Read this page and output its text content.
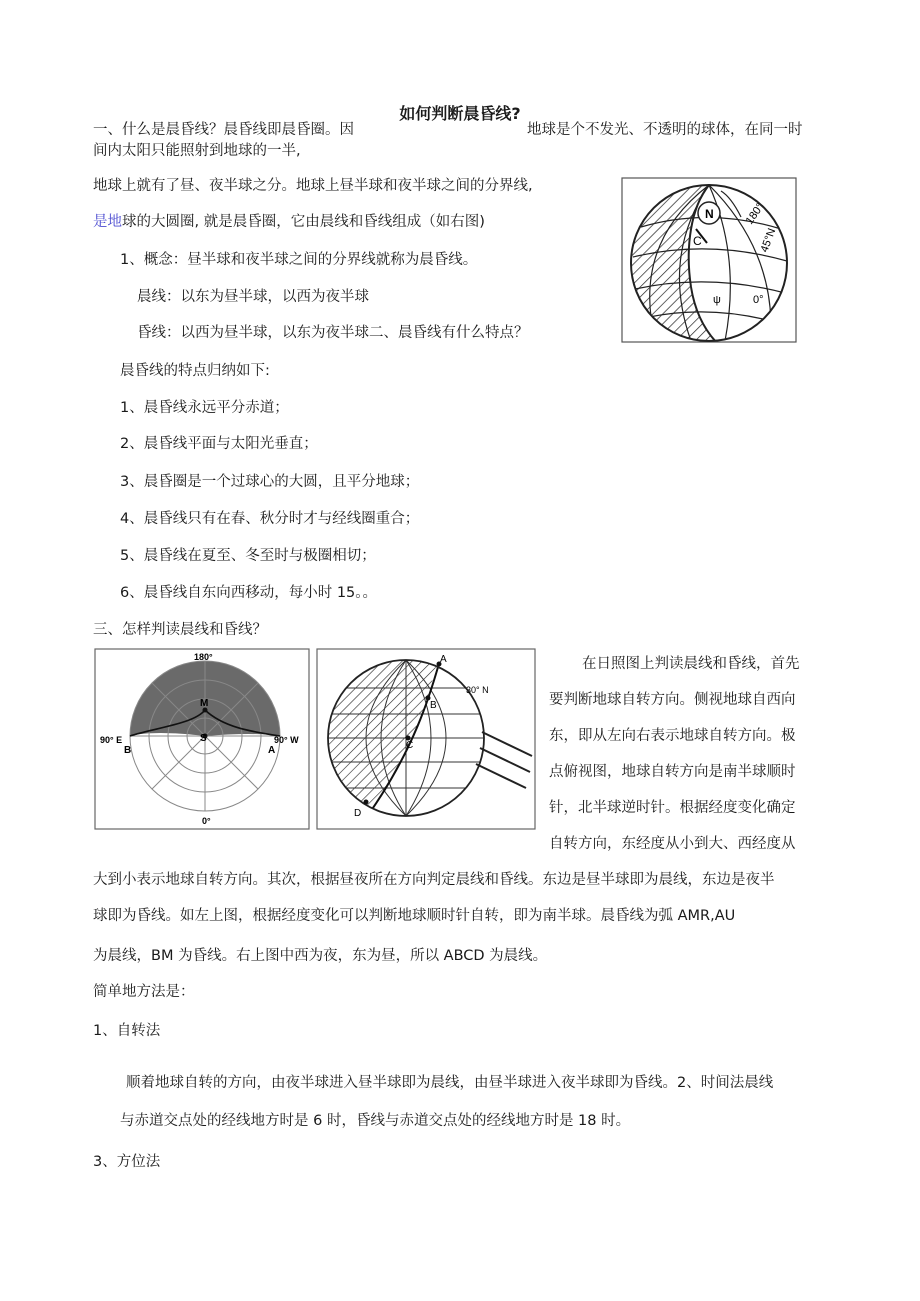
如何判断晨昏线?
一、什么是晨昏线？晨昏线即晨昏圈。因	地球是个不发光、不透明的球体，在同一时
间内太阳只能照射到地球的一半,
地球上就有了昼、夜半球之分。地球上昼半球和夜半球之间的分界线,
是地球的大圆圈, 就是晨昏圈，它由晨线和昏线组成（如右图)
1、概念：昼半球和夜半球之间的分界线就称为晨昏线。
晨线：以东为昼半球，以西为夜半球
昏线：以西为昼半球，以东为夜半球二、晨昏线有什么特点？
晨昏线的特点归纳如下:
1、晨昏线永远平分赤道；
2、晨昏线平面与太阳光垂直；
3、晨昏圈是一个过球心的大圆，且平分地球；
4、晨昏线只有在春、秋分时才与经线圈重合；
5、晨昏线在夏至、冬至时与极圈相切；
6、晨昏线自东向西移动，每小时 15。。
N	180°
45°N
C
ψ	0°
三、怎样判读晨线和昏线？
180°
M
S
90° E
B
90° W
A
0°
A
B
30° N
C
D
在日照图上判读晨线和昏线，首先
要判断地球自转方向。侧视地球自西向
东，即从左向右表示地球自转方向。极
点俯视图，地球自转方向是南半球顺时
针，北半球逆时针。根据经度变化确定
自转方向，东经度从小到大、西经度从
大到小表示地球自转方向。其次，根据昼夜所在方向判定晨线和昏线。东边是昼半球即为晨线，东边是夜半
球即为昏线。如左上图，根据经度变化可以判断地球顺时针自转，即为南半球。晨昏线为弧 AMR,AU
为晨线，BM 为昏线。右上图中西为夜，东为昼，所以 ABCD 为晨线。
简单地方法是：
1、自转法
顺着地球自转的方向，由夜半球进入昼半球即为晨线，由昼半球进入夜半球即为昏线。2、时间法晨线
与赤道交点处的经线地方时是 6 时，昏线与赤道交点处的经线地方时是 18 时。
3、方位法
